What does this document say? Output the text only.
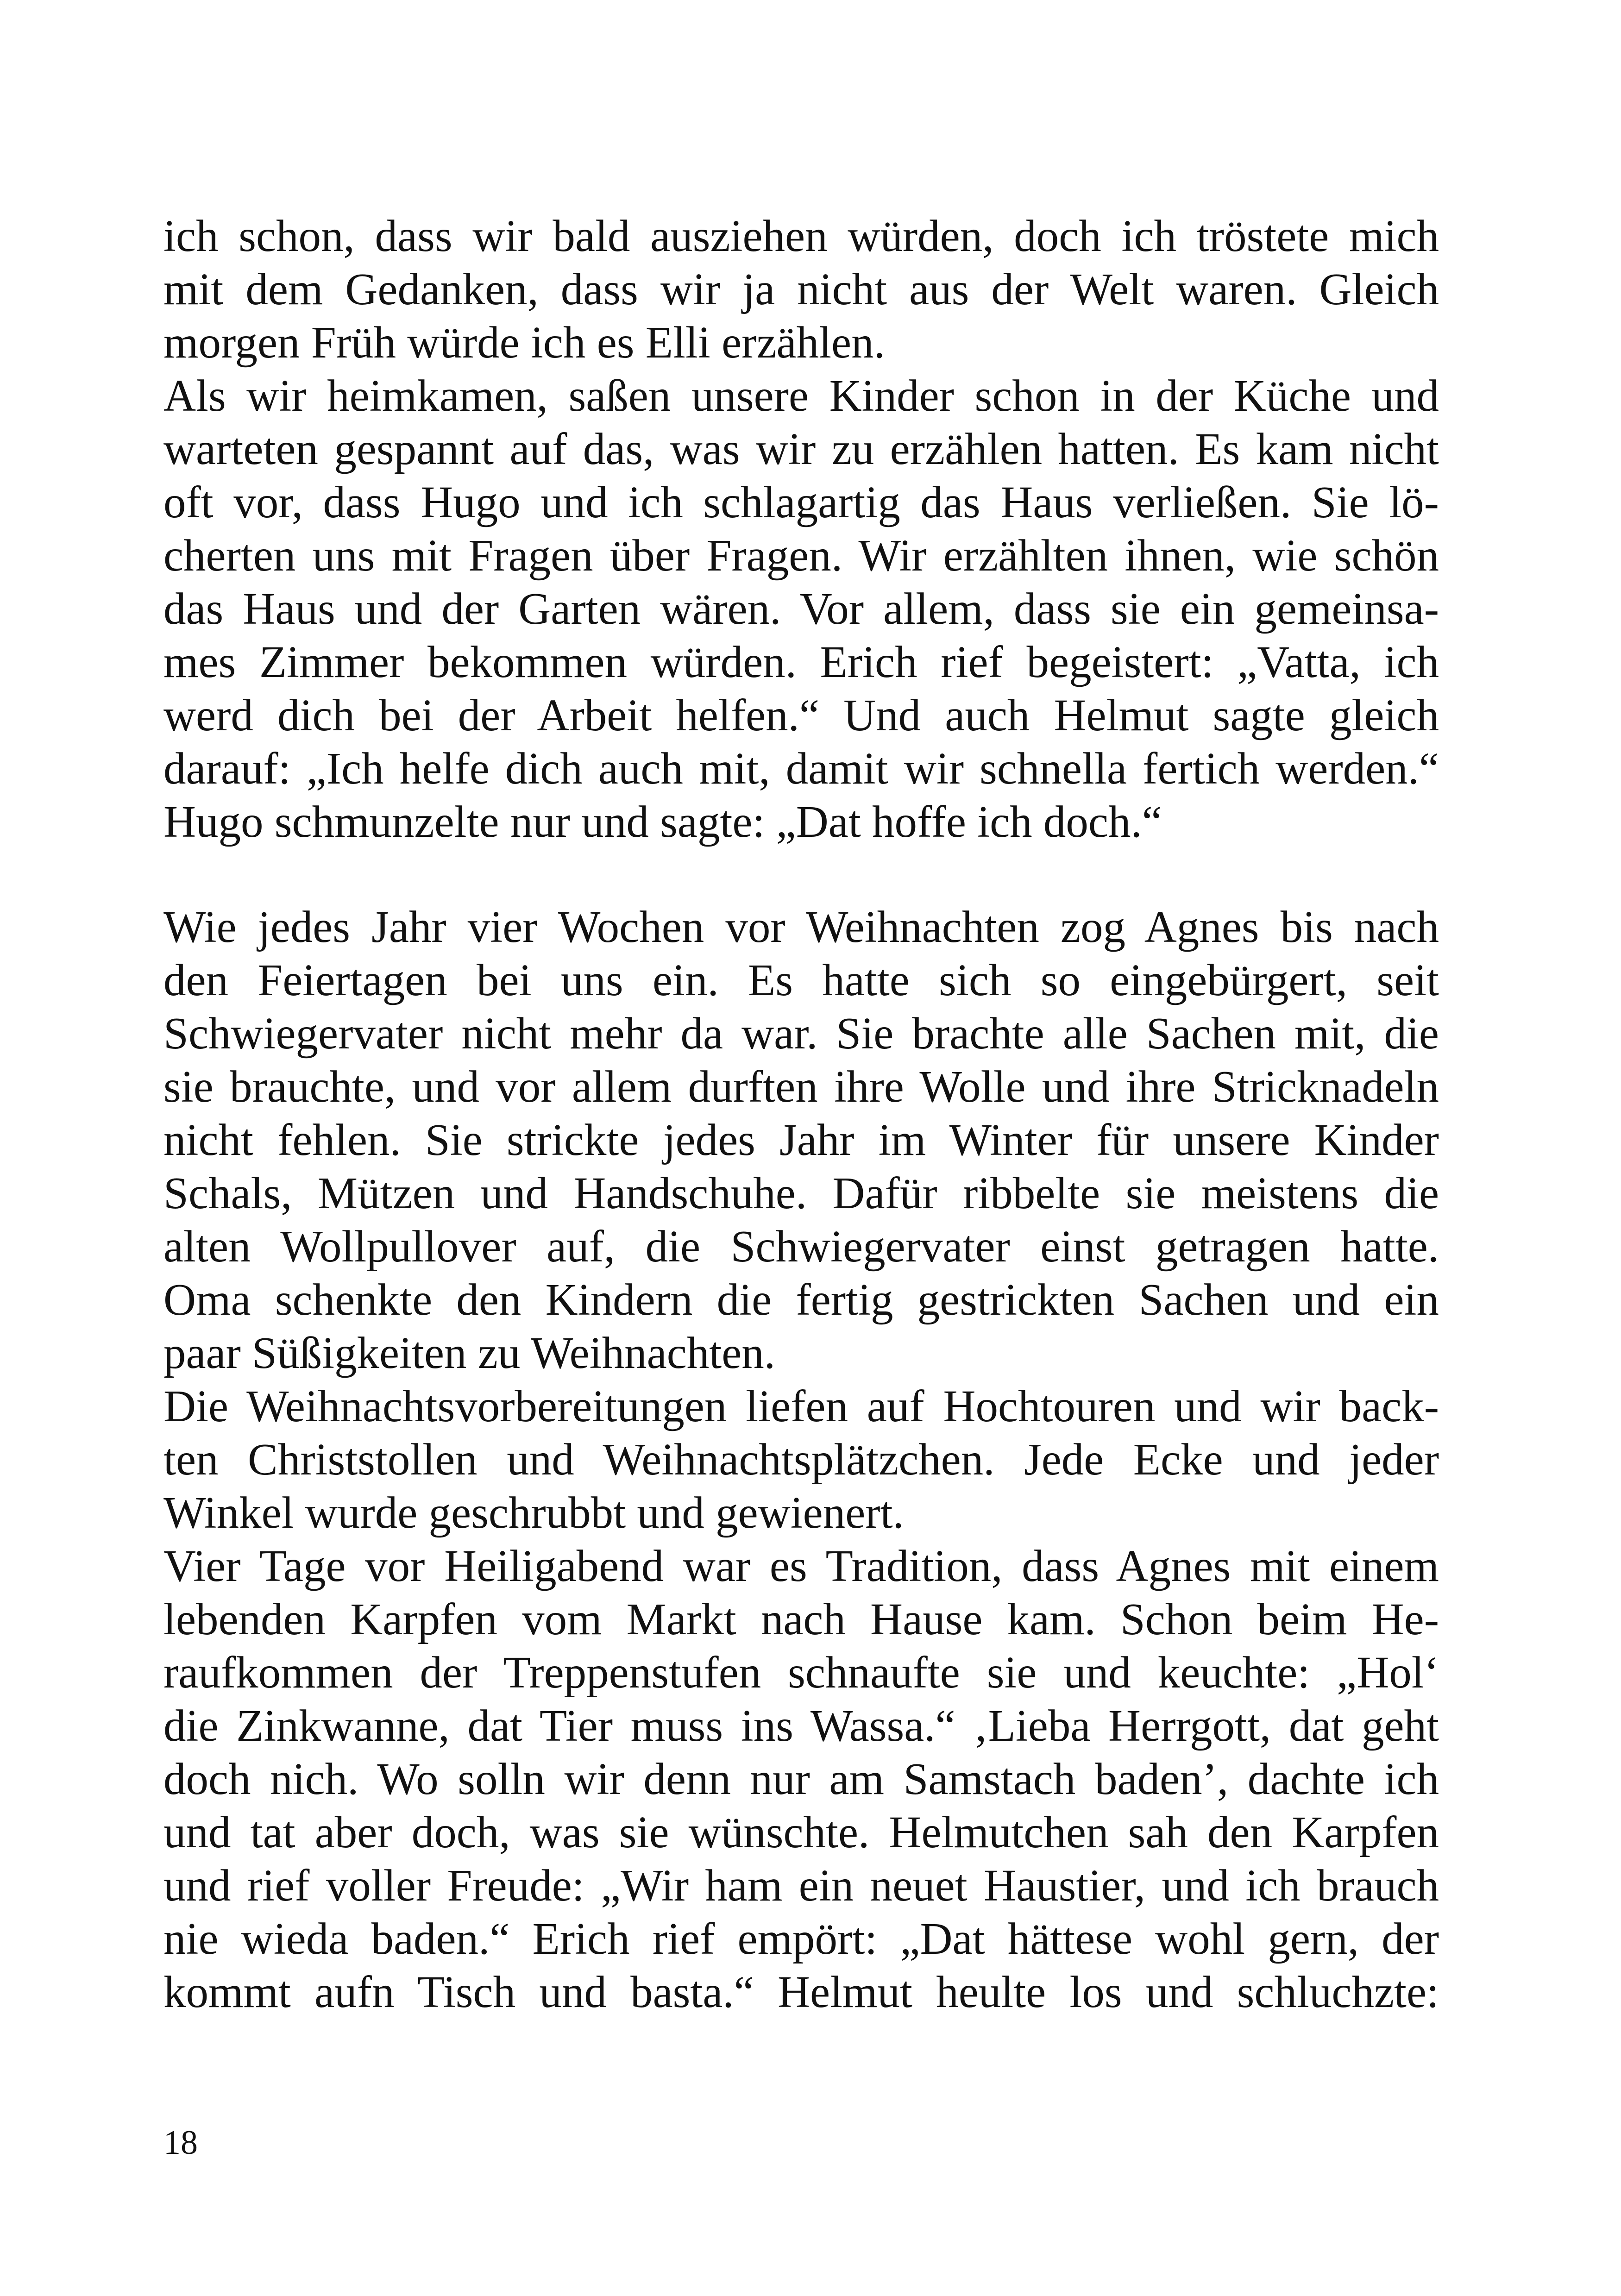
ich schon, dass wir bald ausziehen würden, doch ich tröstete mich
mit dem Gedanken, dass wir ja nicht aus der Welt waren. Gleich
morgen Früh würde ich es Elli erzählen.
Als wir heimkamen, saßen unsere Kinder schon in der Küche und
warteten gespannt auf das, was wir zu erzählen hatten. Es kam nicht
oft vor, dass Hugo und ich schlagartig das Haus verließen. Sie lö-
cherten uns mit Fragen über Fragen. Wir erzählten ihnen, wie schön
das Haus und der Garten wären. Vor allem, dass sie ein gemeinsa-
mes Zimmer bekommen würden. Erich rief begeistert: „Vatta, ich
werd dich bei der Arbeit helfen.“ Und auch Helmut sagte gleich
darauf: „Ich helfe dich auch mit, damit wir schnella fertich werden.“
Hugo schmunzelte nur und sagte: „Dat hoffe ich doch.“
Wie jedes Jahr vier Wochen vor Weihnachten zog Agnes bis nach
den Feiertagen bei uns ein. Es hatte sich so eingebürgert, seit
Schwiegervater nicht mehr da war. Sie brachte alle Sachen mit, die
sie brauchte, und vor allem durften ihre Wolle und ihre Stricknadeln
nicht fehlen. Sie strickte jedes Jahr im Winter für unsere Kinder
Schals, Mützen und Handschuhe. Dafür ribbelte sie meistens die
alten Wollpullover auf, die Schwiegervater einst getragen hatte.
Oma schenkte den Kindern die fertig gestrickten Sachen und ein
paar Süßigkeiten zu Weihnachten.
Die Weihnachtsvorbereitungen liefen auf Hochtouren und wir back-
ten Christstollen und Weihnachtsplätzchen. Jede Ecke und jeder
Winkel wurde geschrubbt und gewienert.
Vier Tage vor Heiligabend war es Tradition, dass Agnes mit einem
lebenden Karpfen vom Markt nach Hause kam. Schon beim He-
raufkommen der Treppenstufen schnaufte sie und keuchte: „Hol‘
die Zinkwanne, dat Tier muss ins Wassa.“ ‚Lieba Herrgott, dat geht
doch nich. Wo solln wir denn nur am Samstach baden’, dachte ich
und tat aber doch, was sie wünschte. Helmutchen sah den Karpfen
und rief voller Freude: „Wir ham ein neuet Haustier, und ich brauch
nie wieda baden.“ Erich rief empört: „Dat hättese wohl gern, der
kommt aufn Tisch und basta.“ Helmut heulte los und schluchzte:
18
